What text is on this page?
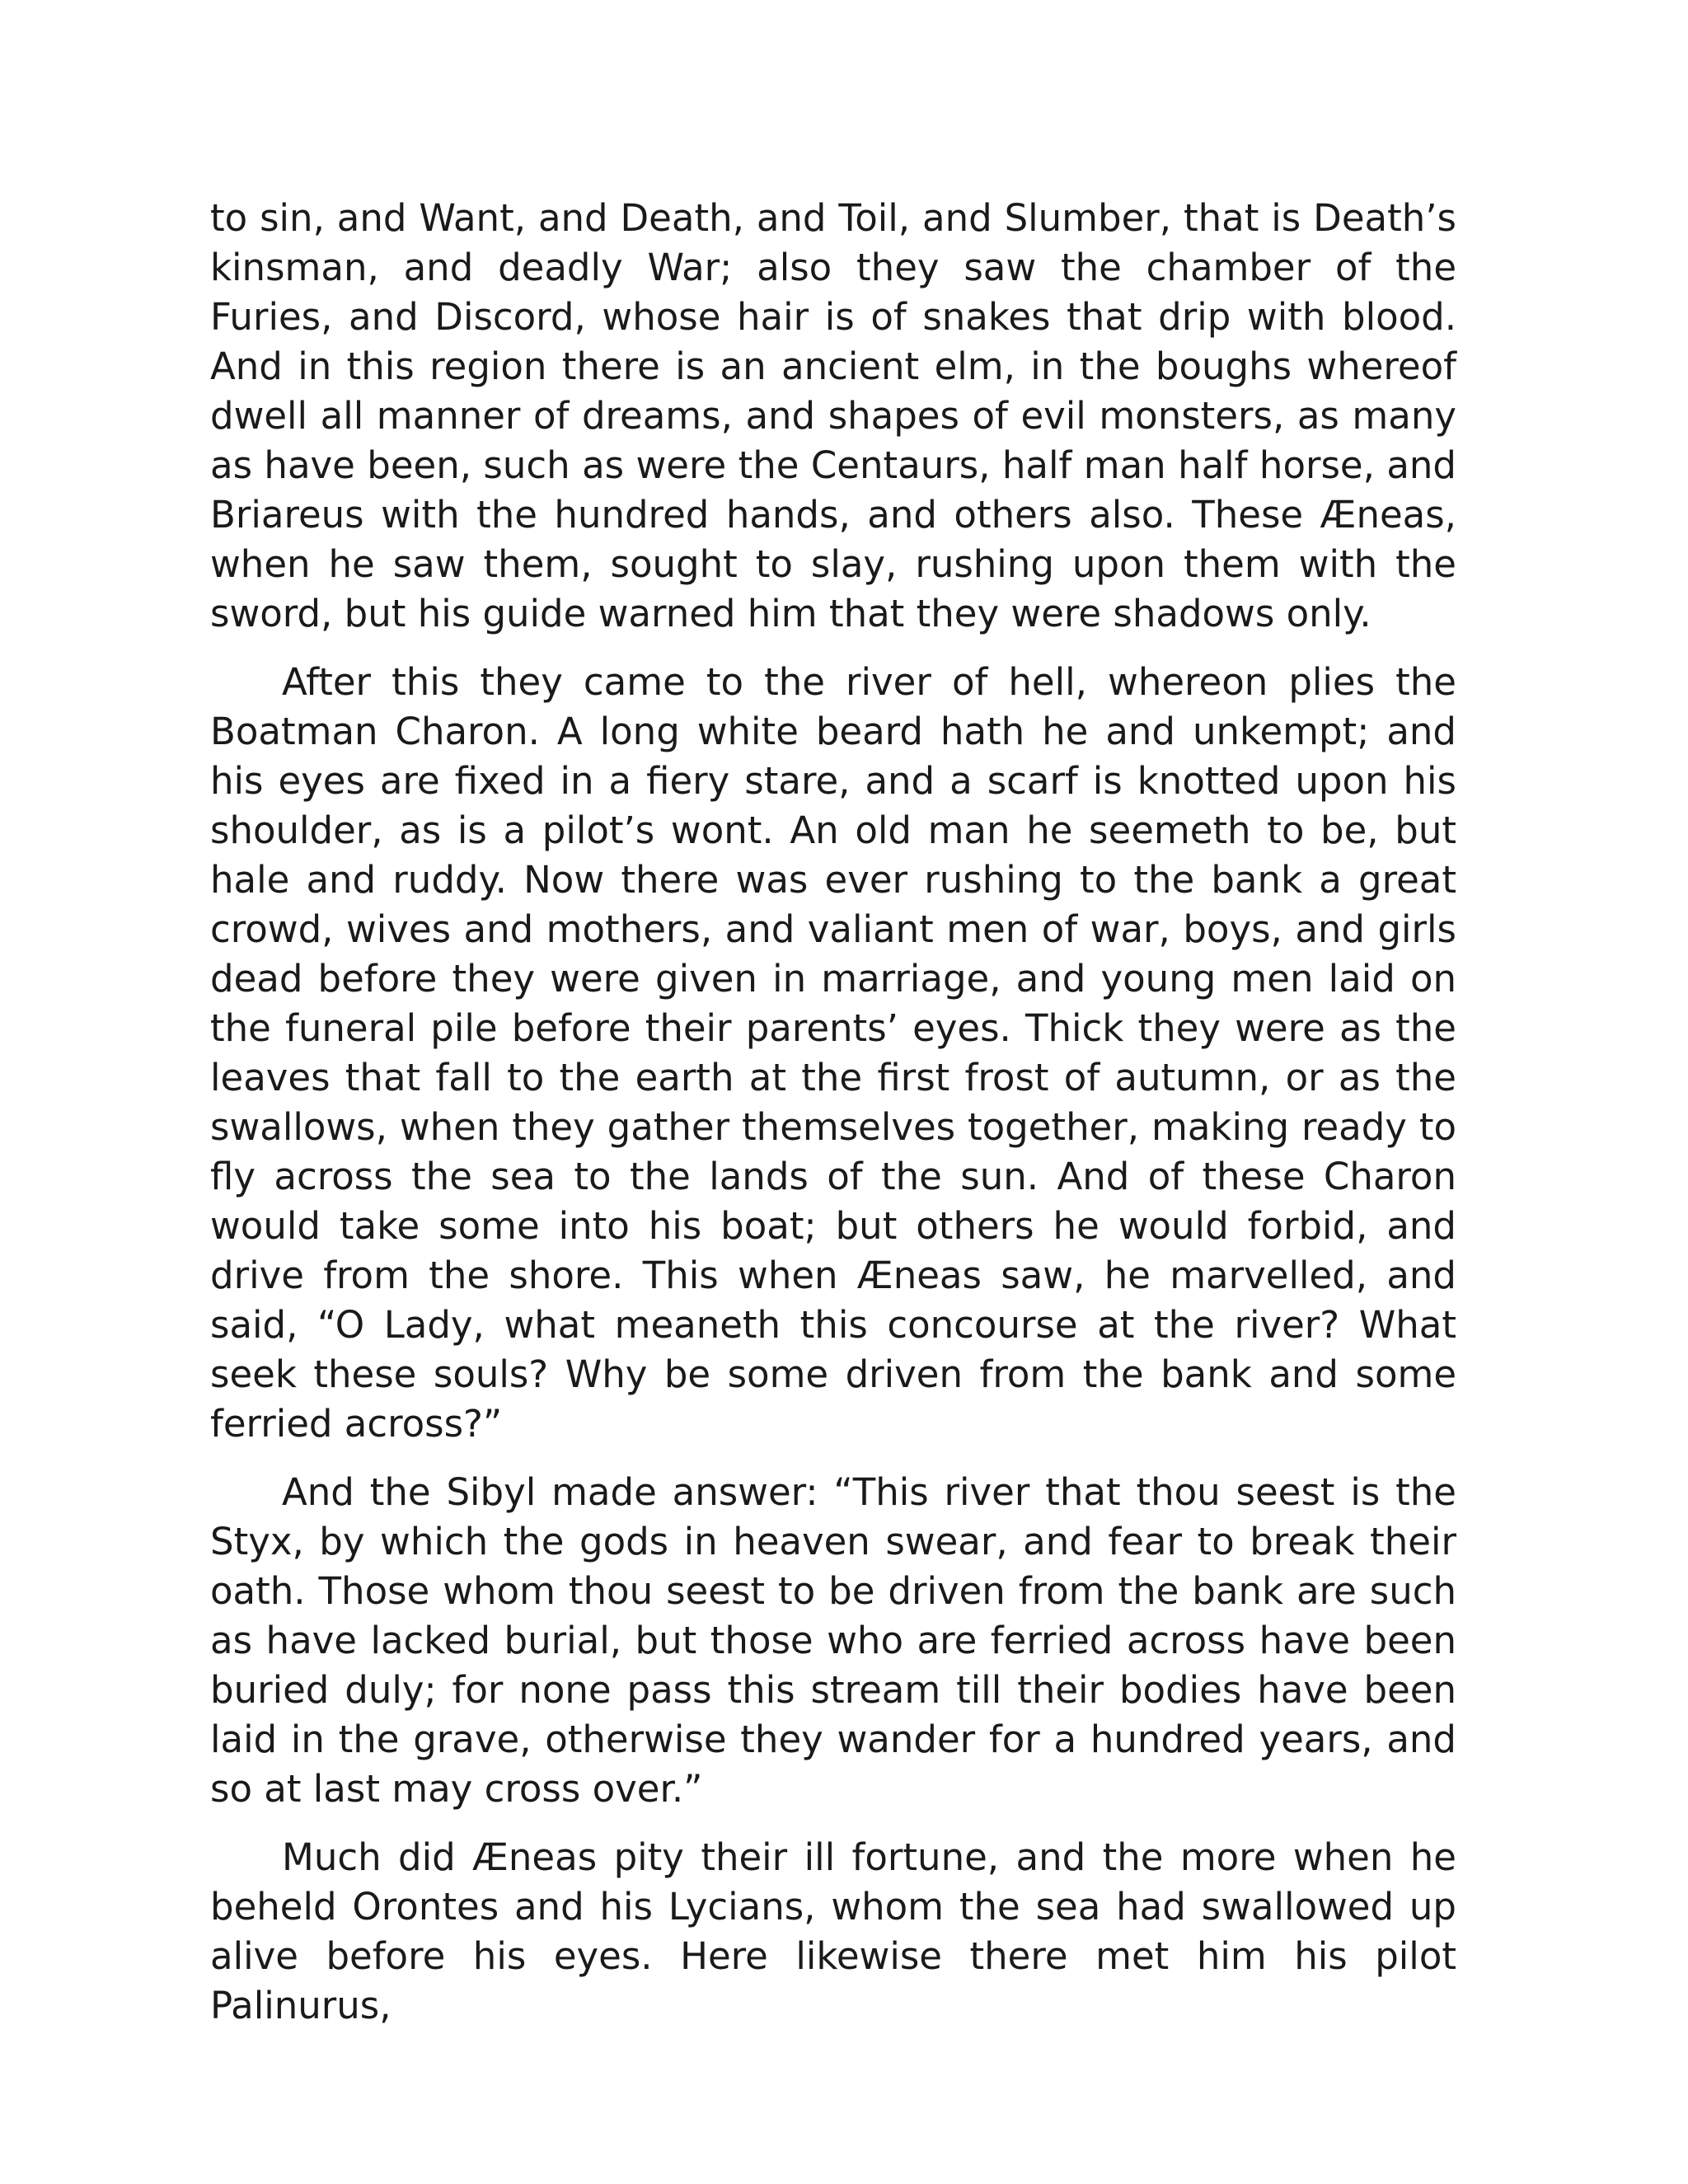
to sin, and Want, and Death, and Toil, and Slumber, that is Death’s kinsman, and deadly War; also they saw the chamber of the Furies, and Discord, whose hair is of snakes that drip with blood. And in this region there is an ancient elm, in the boughs whereof dwell all manner of dreams, and shapes of evil monsters, as many as have been, such as were the Centaurs, half man half horse, and Briareus with the hundred hands, and others also. These Æneas, when he saw them, sought to slay, rushing upon them with the sword, but his guide warned him that they were shadows only.

After this they came to the river of hell, whereon plies the Boatman Charon. A long white beard hath he and unkempt; and his eyes are fixed in a fiery stare, and a scarf is knotted upon his shoulder, as is a pilot’s wont. An old man he seemeth to be, but hale and ruddy. Now there was ever rushing to the bank a great crowd, wives and mothers, and valiant men of war, boys, and girls dead before they were given in marriage, and young men laid on the funeral pile before their parents’ eyes. Thick they were as the leaves that fall to the earth at the first frost of autumn, or as the swallows, when they gather themselves together, making ready to fly across the sea to the lands of the sun. And of these Charon would take some into his boat; but others he would forbid, and drive from the shore. This when Æneas saw, he marvelled, and said, “O Lady, what meaneth this concourse at the river? What seek these souls? Why be some driven from the bank and some ferried across?”

And the Sibyl made answer: “This river that thou seest is the Styx, by which the gods in heaven swear, and fear to break their oath. Those whom thou seest to be driven from the bank are such as have lacked burial, but those who are ferried across have been buried duly; for none pass this stream till their bodies have been laid in the grave, otherwise they wander for a hundred years, and so at last may cross over.”

Much did Æneas pity their ill fortune, and the more when he beheld Orontes and his Lycians, whom the sea had swallowed up alive before his eyes. Here likewise there met him his pilot Palinurus,
